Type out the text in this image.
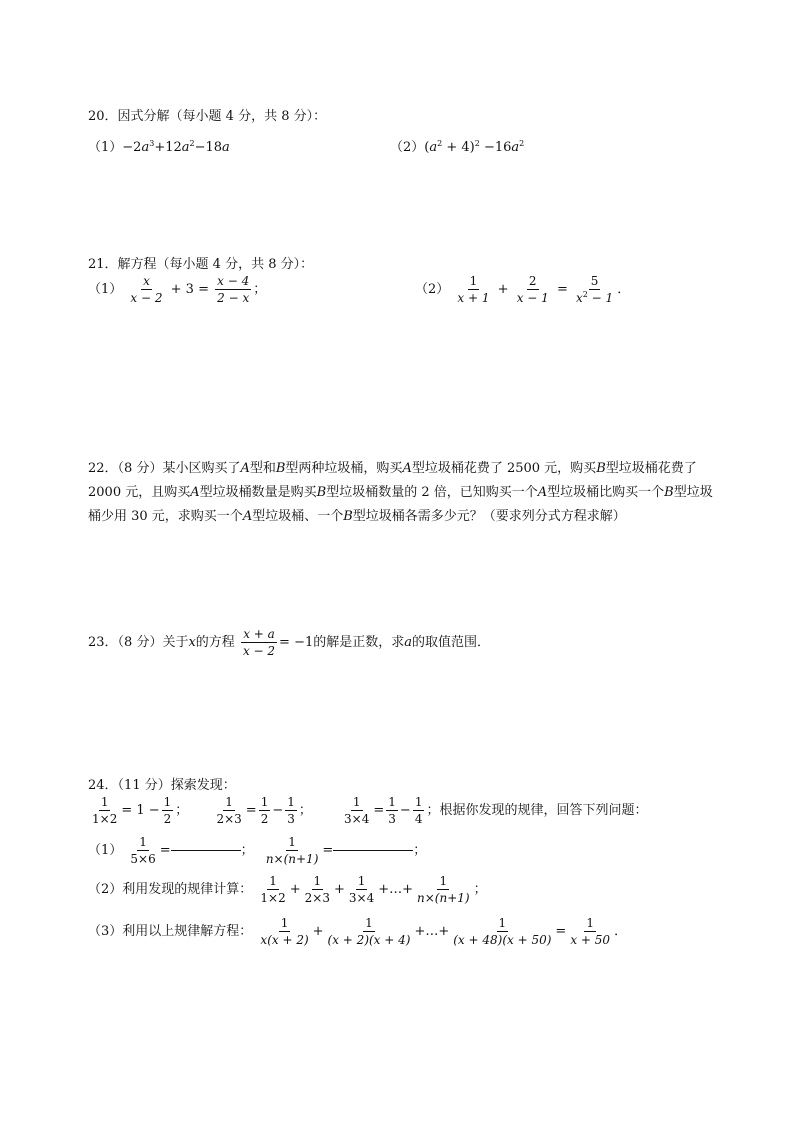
20．因式分解（每小题 4 分，共 8 分）：
$(1)-2a^3+12a^2-18a$	$(2)(a^2 + 4)^2 -16a^2$
21．解方程（每小题 4 分，共 8 分）：
$(1) \frac{x}{x - 2} + 3 = \frac{x - 4}{2 - x}$ ；	$(2) \frac{1}{x + 1} + \frac{2}{x - 1} = \frac{5}{x^2 - 1}$ ．
22．（8 分）某小区购买了A型和B型两种垃圾桶，购买A型垃圾桶花费了 2500 元，购买B型垃圾桶花费了 2000 元，且购买A型垃圾桶数量是购买B型垃圾桶数量的 2 倍，已知购买一个A型垃圾桶比购买一个B型垃圾桶少用 30 元，求购买一个A型垃圾桶、一个B型垃圾桶各需多少元？（要求列分式方程求解）
23．（8 分）关于x的方程 $\frac{x + a}{x - 2} = -1$的解是正数，求a的取值范围．
24．（11 分）探索发现：
$\frac{1}{1\times 2} = 1 - \frac{1}{2}$ ； $\frac{1}{2\times 3} = \frac{1}{2} - \frac{1}{3}$ ；	$\frac{1}{3\times 4} = \frac{1}{3} - \frac{1}{4}$ ；根据你发现的规律，回答下列问题：
$(1) \frac{1}{5\times 6}$ =	； $\frac{1}{n\times(n+1)}$ =	；
（2）利用发现的规律计算： $\frac{1}{1\times 2} + \frac{1}{2\times 3} + \frac{1}{3\times 4}$ +…+ $\frac{1}{n\times(n+1)}$ ；
（3）利用以上规律解方程： $\frac{1}{x(x + 2)} + \frac{1}{(x + 2)(x + 4)}$ +…+ $\frac{1}{(x + 48)(x + 50)} = \frac{1}{x + 50}$ ．
